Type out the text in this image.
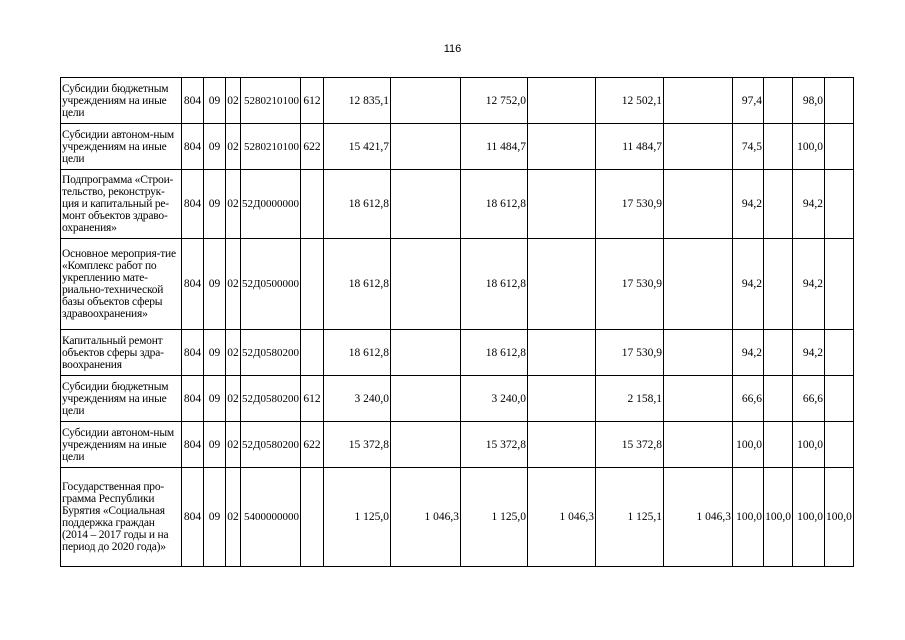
116
Субсидии бюджетным учреждениям на иные цели	804	09	02	5280210100	612	12 835,1		12 752,0		12 502,1		97,4		98,0	
Субсидии автоном-ным учреждениям на иные цели	804	09	02	5280210100	622	15 421,7		11 484,7		11 484,7		74,5		100,0	
Подпрограмма «Строи-тельство, реконструк-ция и капитальный ре-монт объектов здраво-охранения»	804	09	02	52Д0000000		18 612,8		18 612,8		17 530,9		94,2		94,2	
Основное мероприя-тие «Комплекс работ по укреплению мате-риально-технической базы объектов сферы здравоохранения»	804	09	02	52Д0500000		18 612,8		18 612,8		17 530,9		94,2		94,2	
Капитальный ремонт объектов сферы здра-воохранения	804	09	02	52Д0580200		18 612,8		18 612,8		17 530,9		94,2		94,2	
Субсидии бюджетным учреждениям на иные цели	804	09	02	52Д0580200	612	3 240,0		3 240,0		2 158,1		66,6		66,6	
Субсидии автоном-ным учреждениям на иные цели	804	09	02	52Д0580200	622	15 372,8		15 372,8		15 372,8		100,0		100,0	
Государственная про-грамма Республики Бурятия «Социальная поддержка граждан (2014 – 2017 годы и на период до 2020 года)»	804	09	02	5400000000		1 125,0	1 046,3	1 125,0	1 046,3	1 125,1	1 046,3	100,0	100,0	100,0	100,0
